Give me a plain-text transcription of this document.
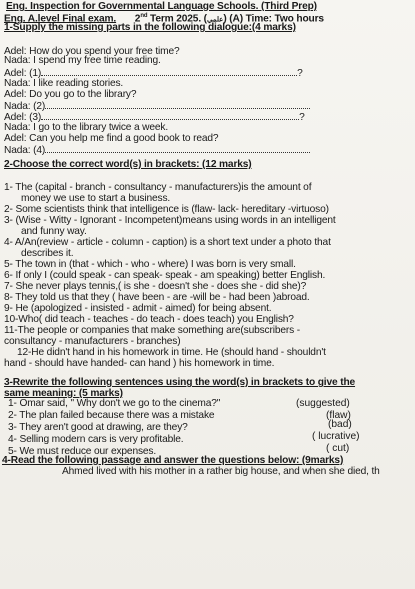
Eng. Inspection for Governmental Language Schools. (Third Prep)
Eng. A.level Final exam. 2nd Term 2025. (علمي) (A) Time: Two hours
1-Supply the missing parts in the following dialogue:(4 marks)
Adel: How do you spend your free time?
Nada: I spend my free time reading.
Adel: (1)	?
Nada: I like reading stories.
Adel: Do you go to the library?
Nada: (2)
Adel: (3)	?
Nada: I go to the library twice a week.
Adel: Can you help me find a good book to read?
Nada: (4)
2-Choose the correct word(s) in brackets: (12 marks)
1- The (capital - branch - consultancy - manufacturers)is the amount of
money we use to start a business.
2- Some scientists think that intelligence is (flaw- lack- hereditary -virtuoso)
3- (Wise - Witty - Ignorant - Incompetent)means using words in an intelligent
and funny way.
4- A/An(review - article - column - caption) is a short text under a photo that
describes it.
5- The town in (that - which - who - where) I was born is very small.
6- If only I (could speak - can speak- speak - am speaking) better English.
7- She never plays tennis,( is she - doesn't she - does she - did she)?
8- They told us that they ( have been - are -will be - had been )abroad.
9- He (apologized - insisted - admit - aimed) for being absent.
10-Who( did teach - teaches - do teach - does teach) you English?
11-The people or companies that make something are(subscribers -
consultancy - manufacturers - branches)
12-He didn't hand in his homework in time. He (should hand - shouldn't
hand - should have handed- can hand ) his homework in time.
3-Rewrite the following sentences using the word(s) in brackets to give the
same meaning: (5 marks)
1- Omar said, " Why don't we go to the cinema?"	(suggested)
2- The plan failed because there was a mistake	(flaw)
3- They aren't good at drawing, are they?	(bad)
4- Selling modern cars is very profitable.	( lucrative)
5- We must reduce our expenses.	( cut)
4-Read the following passage and answer the questions below: (9marks)
Ahmed lived with his mother in a rather big house, and when she died, th
